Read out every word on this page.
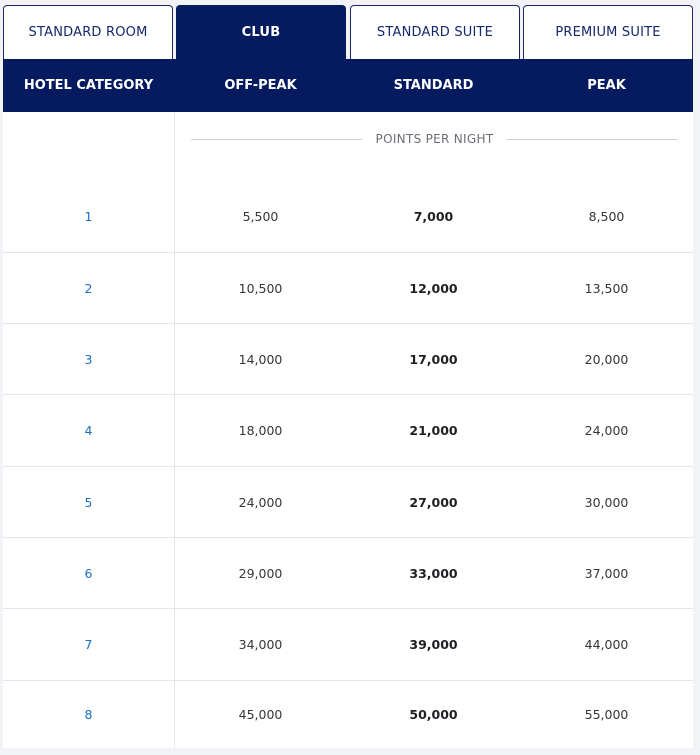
STANDARD ROOM	CLUB	STANDARD SUITE	PREMIUM SUITE
HOTEL CATEGORY	OFF-PEAK	STANDARD	PEAK
POINTS PER NIGHT
1	5,500	7,000	8,500
2	10,500	12,000	13,500
3	14,000	17,000	20,000
4	18,000	21,000	24,000
5	24,000	27,000	30,000
6	29,000	33,000	37,000
7	34,000	39,000	44,000
8	45,000	50,000	55,000
